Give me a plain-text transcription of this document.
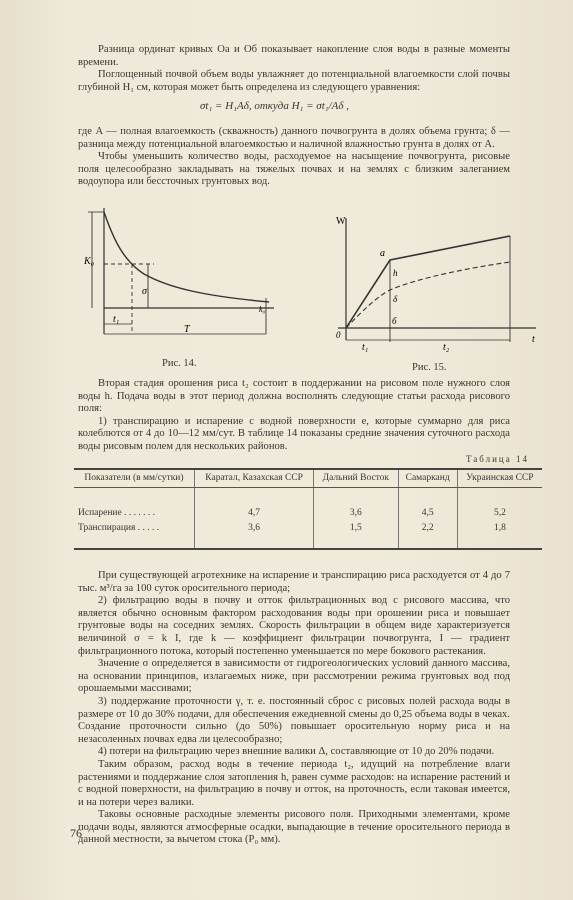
Разница ординат кривых Оа и Об показывает накопление слоя воды в разные моменты времени.

Поглощенный почвой объем воды увлажняет до потенциальной влагоемкости слой почвы глубиной H₁ см, которая может быть определена из следующего уравнения:

σt₁ = H₁Aδ, откуда H₁ = σt₁/Aδ ,

где A — полная влагоемкость (скважность) данного почвогрунта в долях объема грунта; δ — разница между потенциальной влагоемкостью и наличной влажностью грунта в долях от A.

Чтобы уменьшить количество воды, расходуемое на насыщение почвогрунта, рисовые поля целесообразно закладывать на тяжелых почвах и на землях с близким залеганием водоупора или бессточных грунтовых вод.

K₀
σ
k₀
t₁
T
Рис. 14.
W
a
h
δ
б
0	t
t₁	t₂
Рис. 15.

Вторая стадия орошения риса t₂ состоит в поддержании на рисовом поле нужного слоя воды h. Подача воды в этот период должна восполнять следующие статьи расхода рисового поля:

1) транспирацию и испарение с водной поверхности e, которые суммарно для риса колеблются от 4 до 10—12 мм/сут. В таблице 14 показаны средние значения суточного расхода воды рисовым полем для нескольких районов.

Таблица 14
Показатели (в мм/сутки)	Каратал, Казахская ССР	Дальний Восток	Самарканд	Украинская ССР
Испарение . . . . . . .	4,7	3,6	4,5	5,2
Транспирация . . . . .	3,6	1,5	2,2	1,8

При существующей агротехнике на испарение и транспирацию риса расходуется от 4 до 7 тыс. м³/га за 100 суток оросительного периода;

2) фильтрацию воды в почву и отток фильтрационных вод с рисового массива, что является обычно основным фактором расходования воды при орошении риса и повышает грунтовые воды на соседних землях. Скорость фильтрации в общем виде характеризуется величиной σ = k I, где k — коэффициент фильтрации почвогрунта, I — градиент фильтрационного потока, который постепенно уменьшается по мере бокового растекания.

Значение σ определяется в зависимости от гидрогеологических условий данного массива, на основании принципов, излагаемых ниже, при рассмотрении режима грунтовых вод под орошаемыми массивами;

3) поддержание проточности γ, т. е. постоянный сброс с рисовых полей расхода воды в размере от 10 до 30% подачи, для обеспечения ежедневной смены до 0,25 объема воды в чеках. Создание проточности сильно (до 50%) повышает оросительную норму риса и на незасоленных почвах едва ли целесообразно;

4) потери на фильтрацию через внешние валики Δ, составляющие от 10 до 20% подачи.

Таким образом, расход воды в течение периода t₂, идущий на потребление влаги растениями и поддержание слоя затопления h, равен сумме расходов: на испарение растений и с водной поверхности, на фильтрацию в почву и отток, на проточность, если таковая имеется, и на потери через валики.

Таковы основные расходные элементы рисового поля. Приходными элементами, кроме подачи воды, являются атмосферные осадки, выпадающие в течение оросительного периода в данной местности, за вычетом стока (P₀ мм).

76
